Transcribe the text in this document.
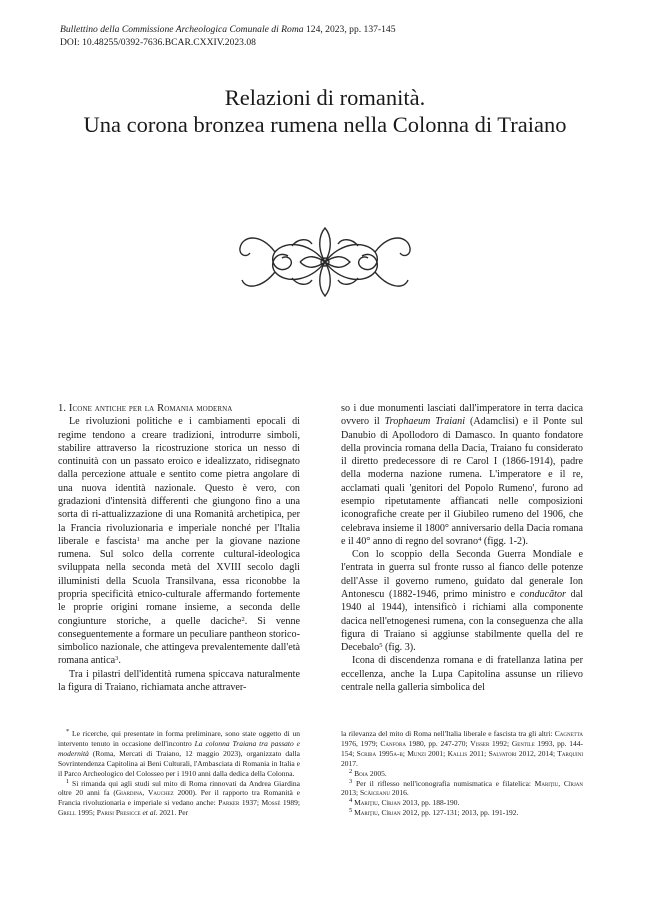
Bullettino della Commissione Archeologica Comunale di Roma 124, 2023, pp. 137-145
DOI: 10.48255/0392-7636.BCAR.CXXIV.2023.08
Relazioni di romanità.
Una corona bronzea rumena nella Colonna di Traiano

1. Icone antiche per la Romania moderna

Le rivoluzioni politiche e i cambiamenti epocali di regime tendono a creare tradizioni, introdurre simboli, stabilire attraverso la ricostruzione storica un nesso di continuità con un passato eroico e idealizzato, ridisegnato dalla percezione attuale e sentito come pietra angolare di una nuova identità nazionale. Questo è vero, con gradazioni d'intensità differenti che giungono fino a una sorta di ri-attualizzazione di una Romanità archetipica, per la Francia rivoluzionaria e imperiale nonché per l'Italia liberale e fascista$^1$ ma anche per la giovane nazione rumena. Sul solco della corrente cultural-ideologica sviluppata nella seconda metà del XVIII secolo dagli illuministi della Scuola Transilvana, essa riconobbe la propria specificità etnico-culturale affermando fortemente le proprie origini romane insieme, a seconda delle congiunture storiche, a quelle daciche$^2$. Si venne conseguentemente a formare un peculiare pantheon storico-simbolico nazionale, che attingeva prevalentemente dall'età romana antica$^3$.

Tra i pilastri dell'identità rumena spiccava naturalmente la figura di Traiano, richiamata anche attraver-

so i due monumenti lasciati dall'imperatore in terra dacica ovvero il Trophaeum Traiani (Adamclisi) e il Ponte sul Danubio di Apollodoro di Damasco. In quanto fondatore della provincia romana della Dacia, Traiano fu considerato il diretto predecessore di re Carol I (1866-1914), padre della moderna nazione rumena. L'imperatore e il re, acclamati quali 'genitori del Popolo Rumeno', furono ad esempio ripetutamente affiancati nelle composizioni iconografiche create per il Giubileo rumeno del 1906, che celebrava insieme il 1800° anniversario della Dacia romana e il 40° anno di regno del sovrano$^4$ (figg. 1-2).

Con lo scoppio della Seconda Guerra Mondiale e l'entrata in guerra sul fronte russo al fianco delle potenze dell'Asse il governo rumeno, guidato dal generale Ion Antonescu (1882-1946, primo ministro e conducător dal 1940 al 1944), intensificò i richiami alla componente dacica nell'etnogenesi rumena, con la conseguenza che alla figura di Traiano si aggiunse stabilmente quella del re Decebalo$^5$ (fig. 3).

Icona di discendenza romana e di fratellanza latina per eccellenza, anche la Lupa Capitolina assunse un rilievo centrale nella galleria simbolica del

* Le ricerche, qui presentate in forma preliminare, sono state oggetto di un intervento tenuto in occasione dell'incontro La colonna Traiana tra passato e modernità (Roma, Mercati di Traiano, 12 maggio 2023), organizzato dalla Sovrintendenza Capitolina ai Beni Culturali, l'Ambasciata di Romania in Italia e il Parco Archeologico del Colosseo per i 1910 anni dalla dedica della Colonna.

$^1$ Si rimanda qui agli studi sul mito di Roma rinnovati da Andrea Giardina oltre 20 anni fa (Giardina, Vauchez 2000). Per il rapporto tra Romanità e Francia rivoluzionaria e imperiale si vedano anche: Parker 1937; Mossé 1989; Grell 1995; Parisi Presicce et al. 2021. Per

la rilevanza del mito di Roma nell'Italia liberale e fascista tra gli altri: Cagnetta 1976, 1979; Canfora 1980, pp. 247-270; Visser 1992; Gentile 1993, pp. 144-154; Scriba 1995a-b; Munzi 2001; Kallis 2011; Salvatori 2012, 2014; Tarquini 2017.

$^2$ Boia 2005.

$^3$ Per il riflesso nell'iconografia numismatica e filatelica: Mariţiu, Cîrjan 2013; Scăiceanu 2016.

$^4$ Mariţiu, Cîrjan 2013, pp. 188-190.

$^5$ Mariţiu, Cîrjan 2012, pp. 127-131; 2013, pp. 191-192.
